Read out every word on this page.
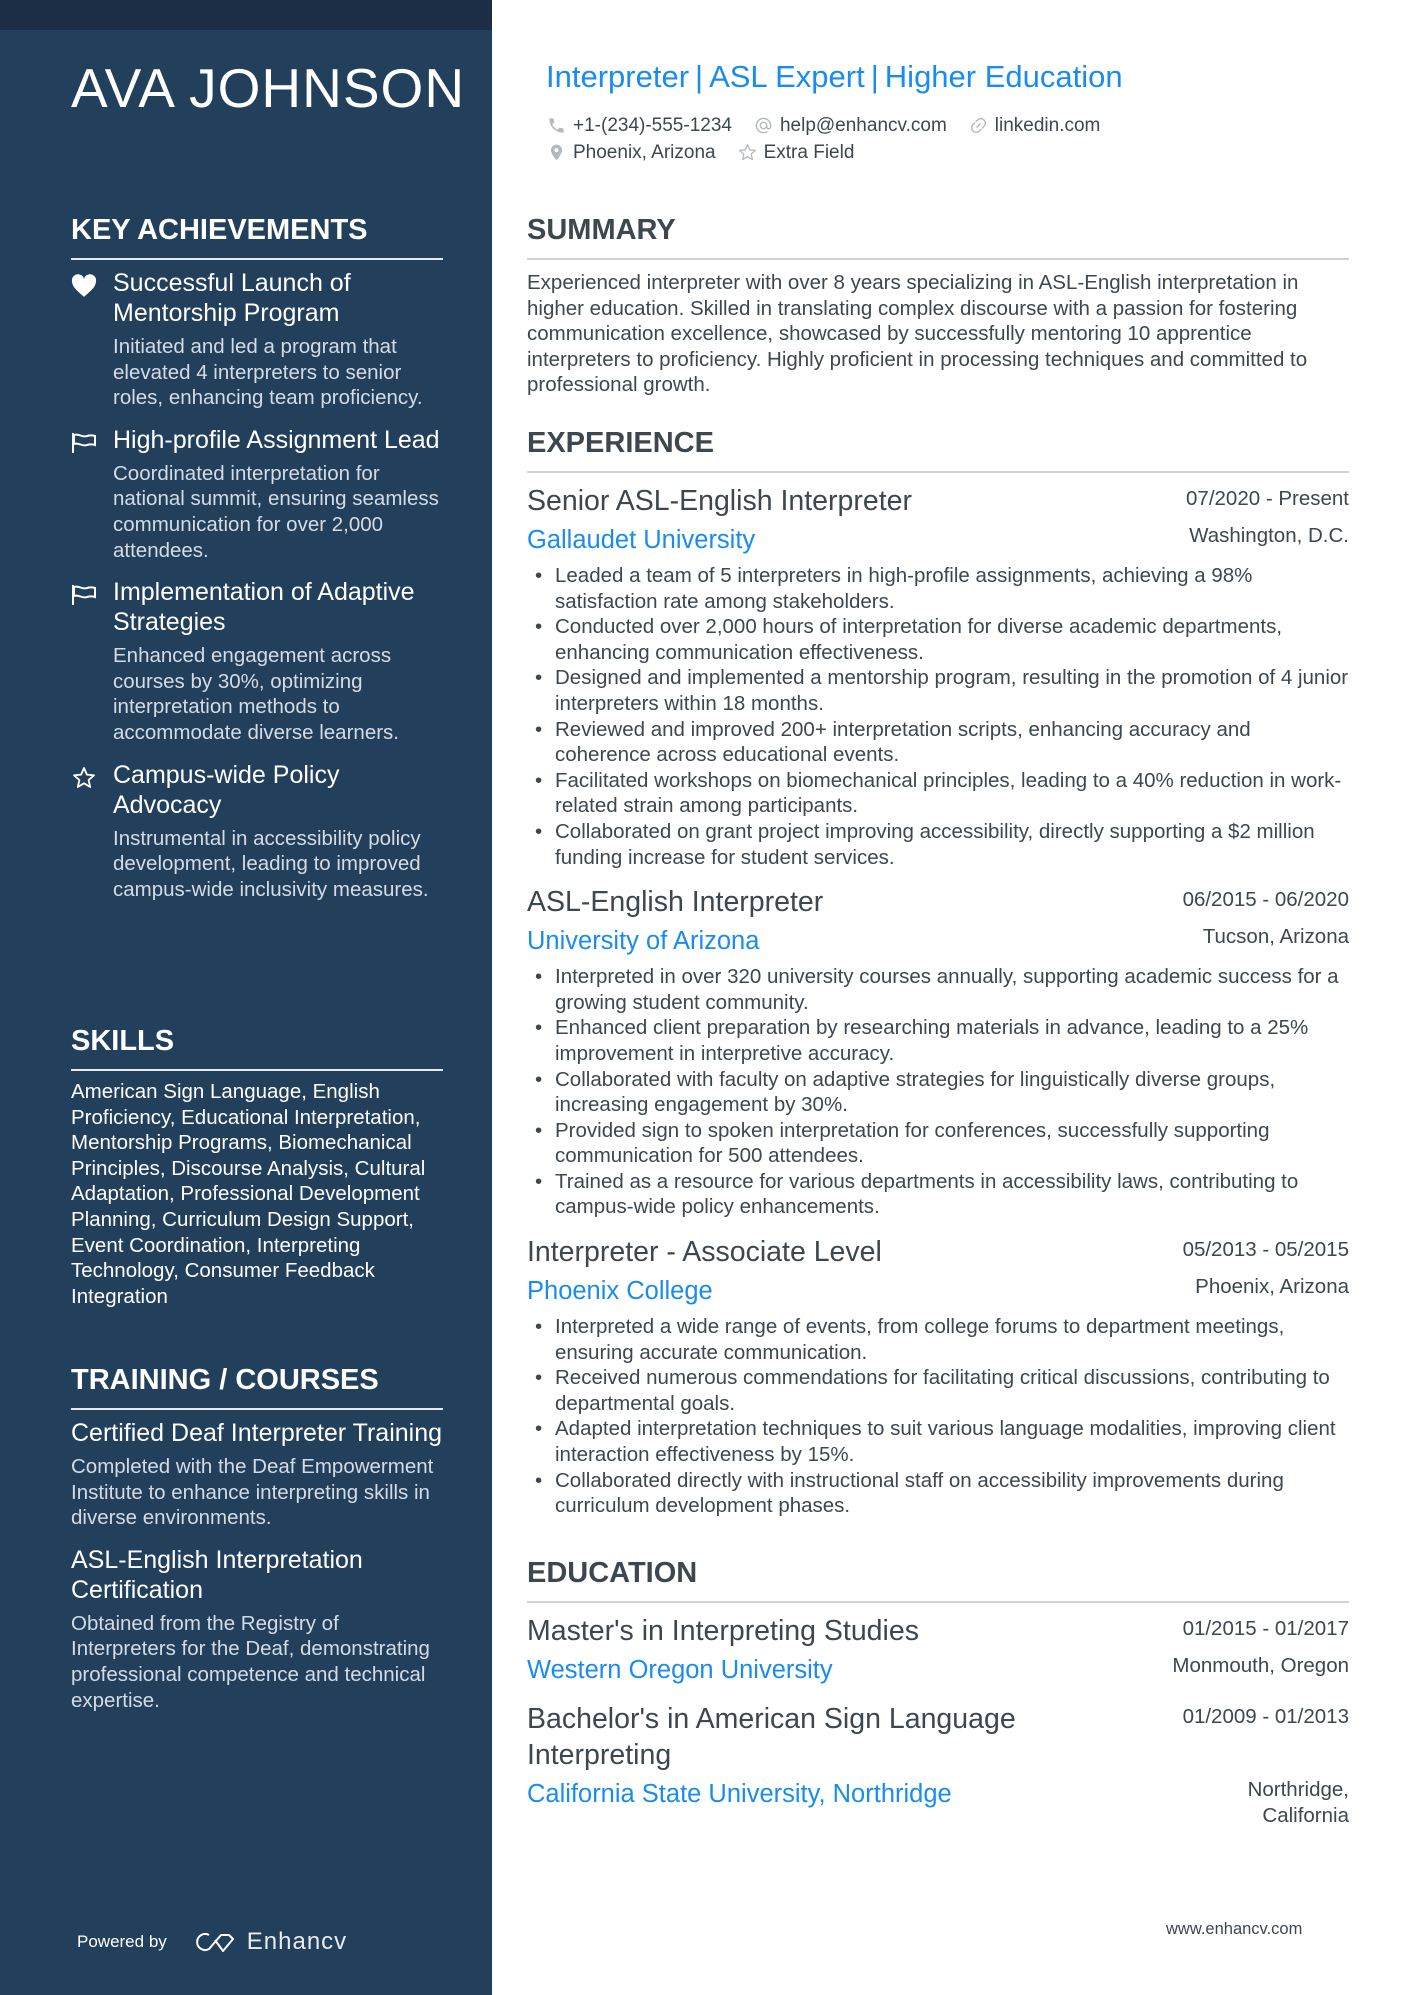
AVA JOHNSON
KEY ACHIEVEMENTS
Successful Launch of Mentorship Program
Initiated and led a program that elevated 4 interpreters to senior roles, enhancing team proficiency.
High-profile Assignment Lead
Coordinated interpretation for national summit, ensuring seamless communication for over 2,000 attendees.
Implementation of Adaptive Strategies
Enhanced engagement across courses by 30%, optimizing interpretation methods to accommodate diverse learners.
Campus-wide Policy Advocacy
Instrumental in accessibility policy development, leading to improved campus-wide inclusivity measures.
SKILLS
American Sign Language, English Proficiency, Educational Interpretation, Mentorship Programs, Biomechanical Principles, Discourse Analysis, Cultural Adaptation, Professional Development Planning, Curriculum Design Support, Event Coordination, Interpreting Technology, Consumer Feedback Integration
TRAINING / COURSES
Certified Deaf Interpreter Training
Completed with the Deaf Empowerment Institute to enhance interpreting skills in diverse environments.
ASL-English Interpretation Certification
Obtained from the Registry of Interpreters for the Deaf, demonstrating professional competence and technical expertise.
Powered by	Enhancv
Interpreter | ASL Expert | Higher Education
+1-(234)-555-1234	help@enhancv.com	linkedin.com
Phoenix, Arizona	Extra Field
SUMMARY

Experienced interpreter with over 8 years specializing in ASL-English interpretation in higher education. Skilled in translating complex discourse with a passion for fostering communication excellence, showcased by successfully mentoring 10 apprentice interpreters to proficiency. Highly proficient in processing techniques and committed to professional growth.

EXPERIENCE
Senior ASL-English Interpreter	07/2020 - Present
Gallaudet University	Washington, D.C.
• Leaded a team of 5 interpreters in high-profile assignments, achieving a 98% satisfaction rate among stakeholders.
• Conducted over 2,000 hours of interpretation for diverse academic departments, enhancing communication effectiveness.
• Designed and implemented a mentorship program, resulting in the promotion of 4 junior interpreters within 18 months.
• Reviewed and improved 200+ interpretation scripts, enhancing accuracy and coherence across educational events.
• Facilitated workshops on biomechanical principles, leading to a 40% reduction in work-related strain among participants.
• Collaborated on grant project improving accessibility, directly supporting a $2 million funding increase for student services.
ASL-English Interpreter	06/2015 - 06/2020
University of Arizona	Tucson, Arizona
• Interpreted in over 320 university courses annually, supporting academic success for a growing student community.
• Enhanced client preparation by researching materials in advance, leading to a 25% improvement in interpretive accuracy.
• Collaborated with faculty on adaptive strategies for linguistically diverse groups, increasing engagement by 30%.
• Provided sign to spoken interpretation for conferences, successfully supporting communication for 500 attendees.
• Trained as a resource for various departments in accessibility laws, contributing to campus-wide policy enhancements.
Interpreter - Associate Level	05/2013 - 05/2015
Phoenix College	Phoenix, Arizona
• Interpreted a wide range of events, from college forums to department meetings, ensuring accurate communication.
• Received numerous commendations for facilitating critical discussions, contributing to departmental goals.
• Adapted interpretation techniques to suit various language modalities, improving client interaction effectiveness by 15%.
• Collaborated directly with instructional staff on accessibility improvements during curriculum development phases.
EDUCATION
Master's in Interpreting Studies	01/2015 - 01/2017
Western Oregon University	Monmouth, Oregon
Bachelor's in American Sign Language Interpreting
01/2009 - 01/2013
California State University, Northridge	Northridge, California
www.enhancv.com
